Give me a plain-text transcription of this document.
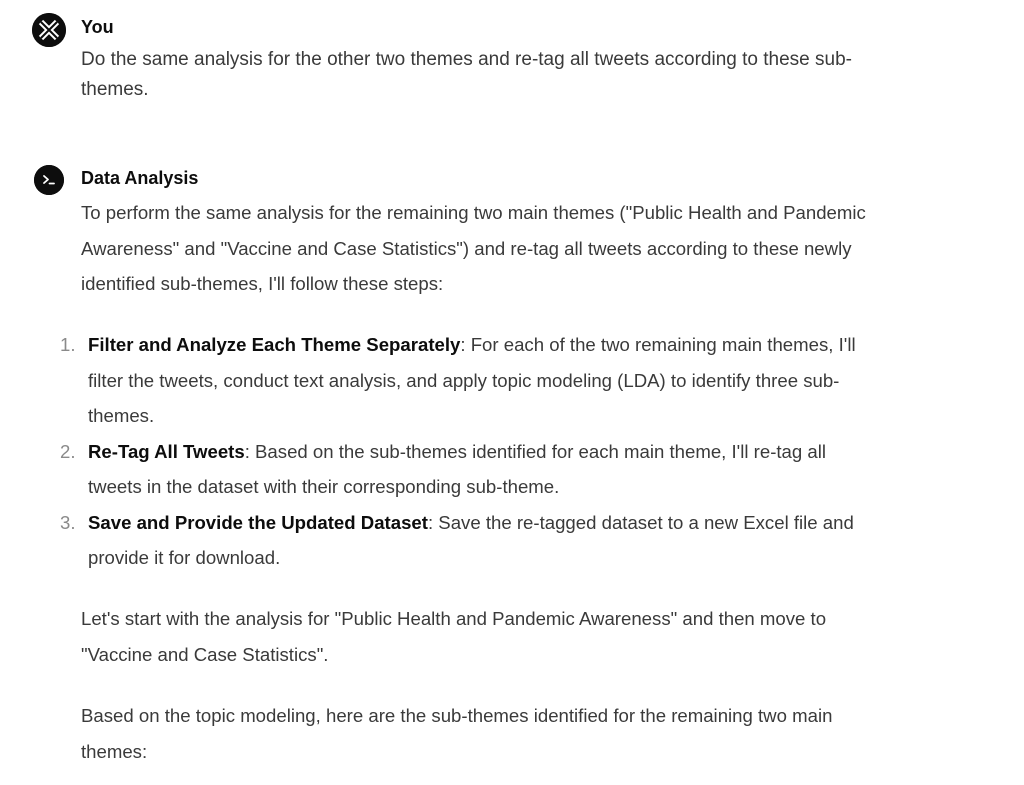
You

Do the same analysis for the other two themes and re-tag all tweets according to these sub-themes.

Data Analysis

To perform the same analysis for the remaining two main themes ("Public Health and Pandemic Awareness" and "Vaccine and Case Statistics") and re-tag all tweets according to these newly identified sub-themes, I'll follow these steps:

1. Filter and Analyze Each Theme Separately: For each of the two remaining main themes, I'll filter the tweets, conduct text analysis, and apply topic modeling (LDA) to identify three sub-themes.
2. Re-Tag All Tweets: Based on the sub-themes identified for each main theme, I'll re-tag all tweets in the dataset with their corresponding sub-theme.
3. Save and Provide the Updated Dataset: Save the re-tagged dataset to a new Excel file and provide it for download.

Let's start with the analysis for "Public Health and Pandemic Awareness" and then move to "Vaccine and Case Statistics".

Based on the topic modeling, here are the sub-themes identified for the remaining two main themes:
